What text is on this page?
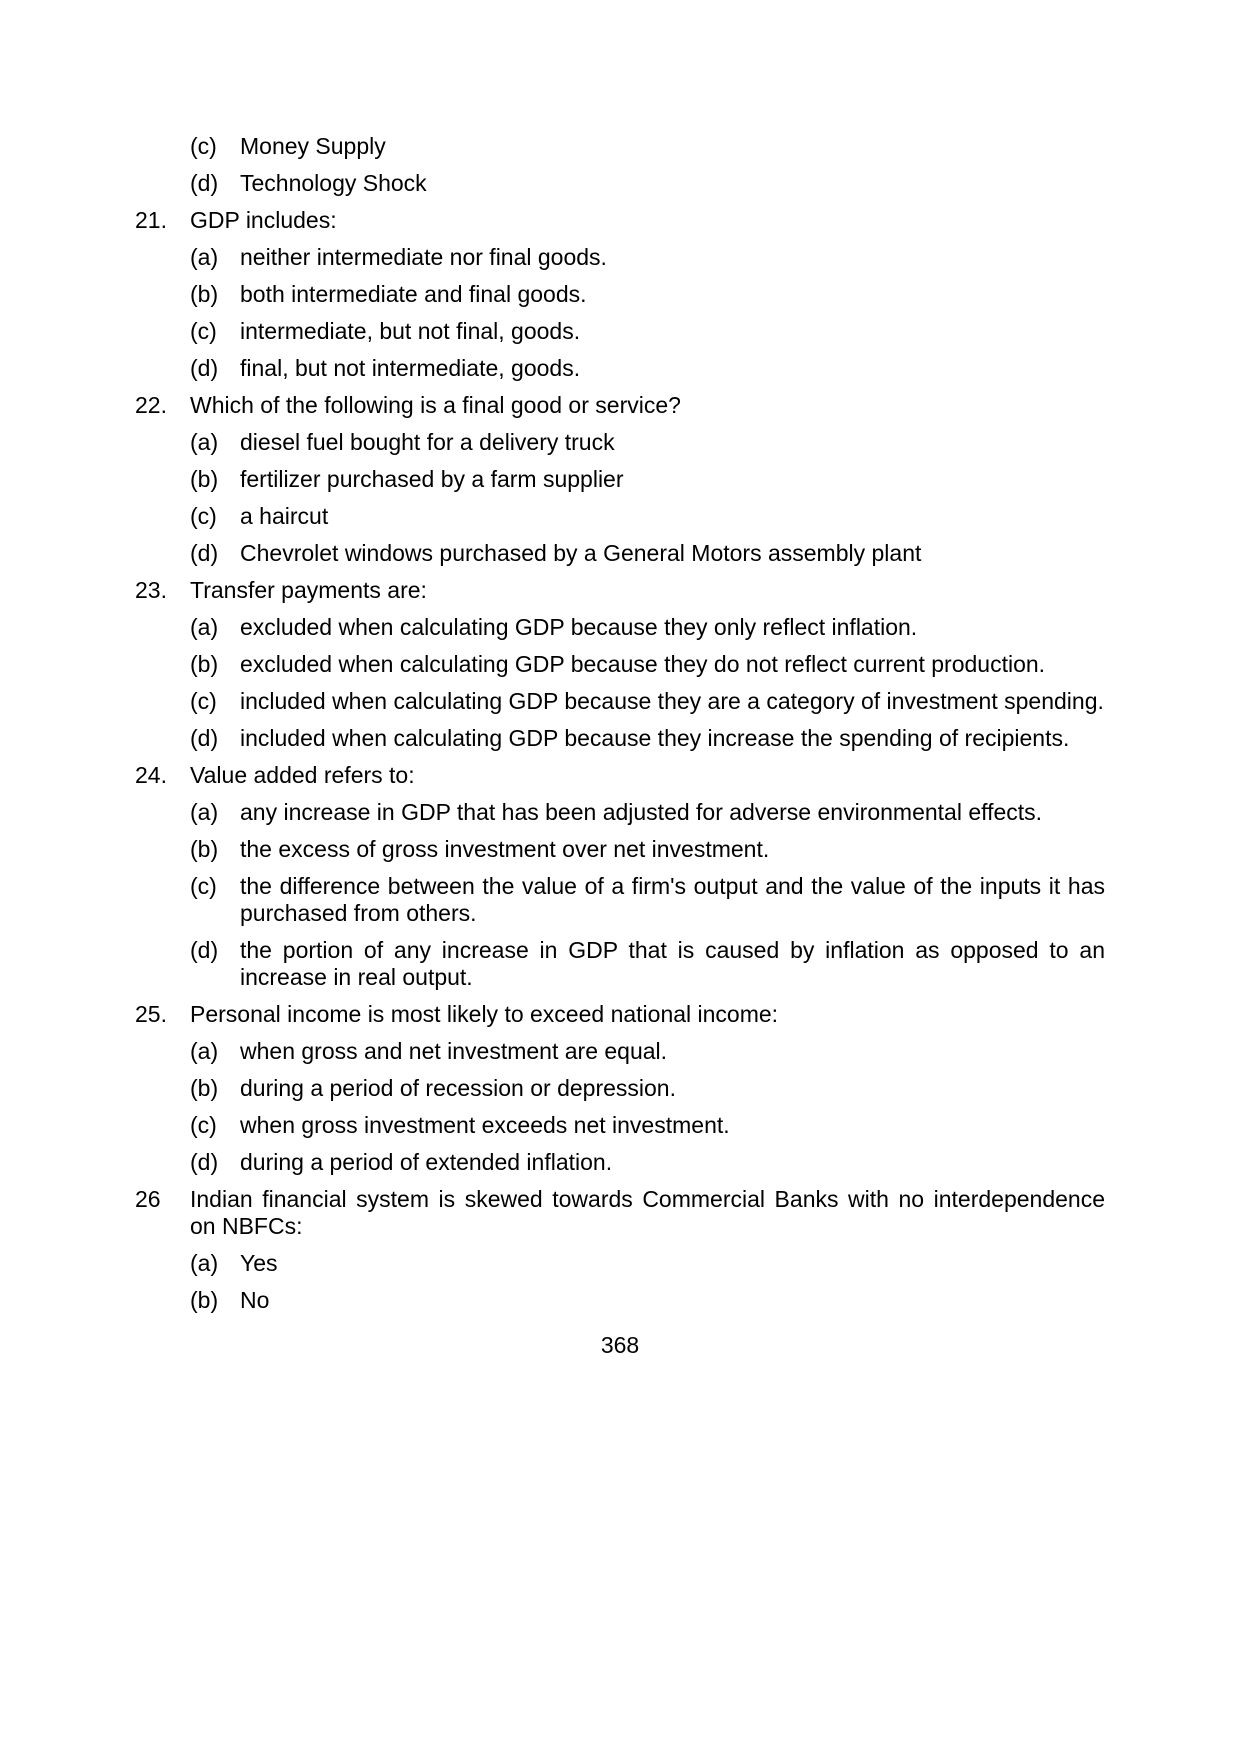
(c)	Money Supply
(d) Technology Shock
21.	GDP includes:
(a) neither intermediate nor final goods.
(b) both intermediate and final goods.
(c)	intermediate, but not final, goods.
(d) final, but not intermediate, goods.
22.	Which of the following is a final good or service?
(a) diesel fuel bought for a delivery truck
(b) fertilizer purchased by a farm supplier
(c)	a haircut
(d) Chevrolet windows purchased by a General Motors assembly plant
23.	Transfer payments are:
(a) excluded when calculating GDP because they only reflect inflation.
(b) excluded when calculating GDP because they do not reflect current production.
(c)	included when calculating GDP because they are a category of investment spending.
(d) included when calculating GDP because they increase the spending of recipients.
24.	Value added refers to:
(a) any increase in GDP that has been adjusted for adverse environmental effects.
(b) the excess of gross investment over net investment.
(c)	the difference between the value of a firm's output and the value of the inputs it has purchased from others.
(d) the portion of any increase in GDP that is caused by inflation as opposed to an increase in real output.
25.	Personal income is most likely to exceed national income:
(a) when gross and net investment are equal.
(b) during a period of recession or depression.
(c)	when gross investment exceeds net investment.
(d) during a period of extended inflation.
26	Indian financial system is skewed towards Commercial Banks with no interdependence on NBFCs:
(a) Yes
(b) No
368
